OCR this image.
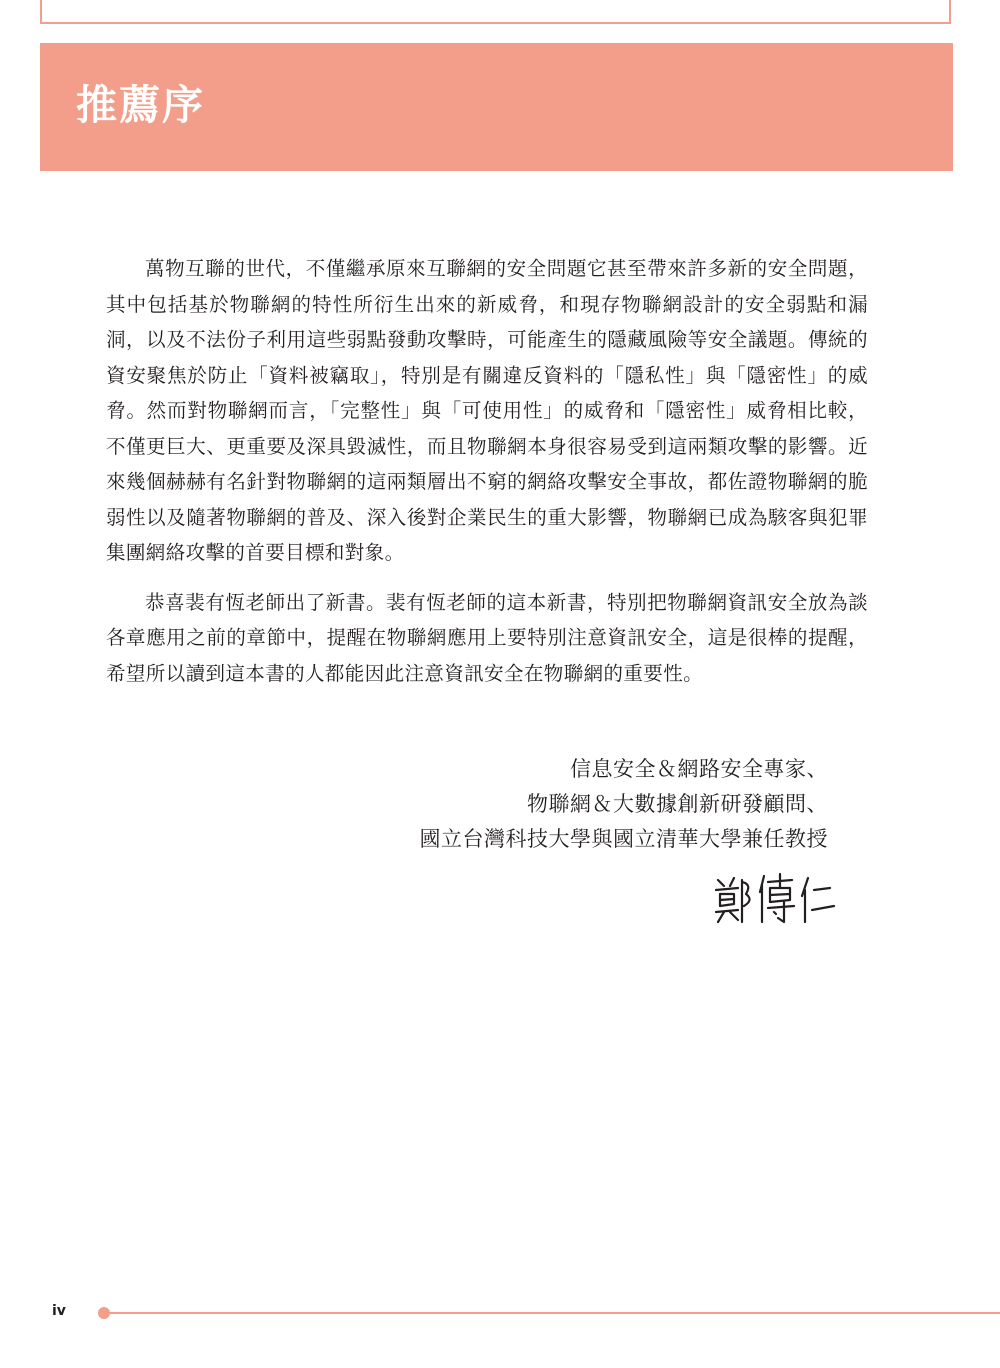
推薦序

萬物互聯的世代，不僅繼承原來互聯網的安全問題它甚至帶來許多新的安全問題，其中包括基於物聯網的特性所衍生出來的新威脅，和現存物聯網設計的安全弱點和漏洞，以及不法份子利用這些弱點發動攻擊時，可能產生的隱藏風險等安全議題。傳統的資安聚焦於防止「資料被竊取」，特別是有關違反資料的「隱私性」與「隱密性」的威脅。然而對物聯網而言，「完整性」與「可使用性」的威脅和「隱密性」威脅相比較，不僅更巨大、更重要及深具毀滅性，而且物聯網本身很容易受到這兩類攻擊的影響。近來幾個赫赫有名針對物聯網的這兩類層出不窮的網絡攻擊安全事故，都佐證物聯網的脆弱性以及隨著物聯網的普及、深入後對企業民生的重大影響，物聯網已成為駭客與犯罪集團網絡攻擊的首要目標和對象。

恭喜裴有恆老師出了新書。裴有恆老師的這本新書，特別把物聯網資訊安全放為談各章應用之前的章節中，提醒在物聯網應用上要特別注意資訊安全，這是很棒的提醒，希望所以讀到這本書的人都能因此注意資訊安全在物聯網的重要性。

信息安全＆網路安全專家、
物聯網＆大數據創新研發顧問、
國立台灣科技大學與國立清華大學兼任教授
iv
